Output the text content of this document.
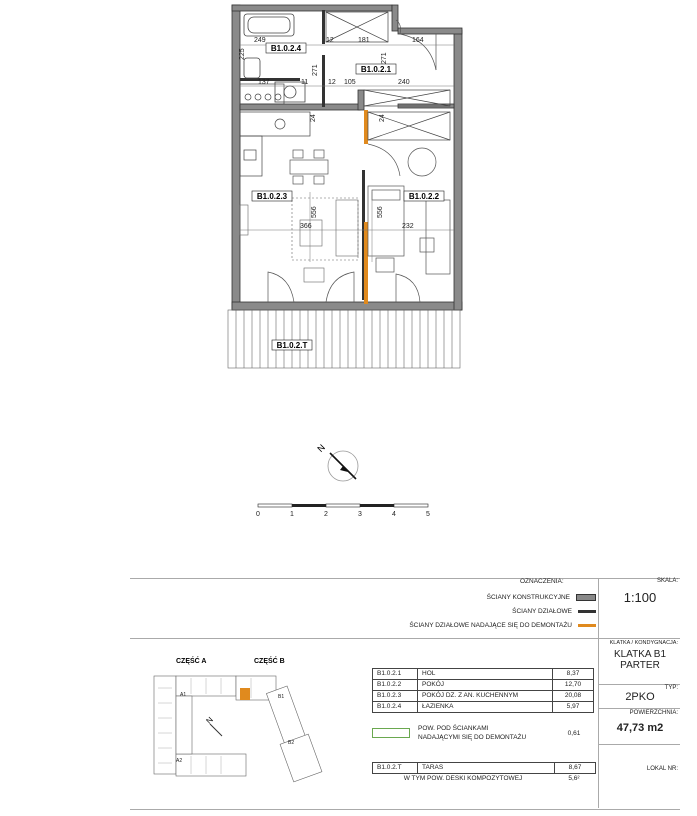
B1.0.2.4
B1.0.2.1
B1.0.2.3	B1.0.2.2
B1.0.2.T
249
225
12	181	164
271
137	11
271
12 105	240
24
556
366
556
232
24
N
0	1	2	3	4	5
OZNACZENIA:
ŚCIANY KONSTRUKCYJNE
ŚCIANY DZIAŁOWE
ŚCIANY DZIAŁOWE NADAJĄCE SIĘ DO DEMONTAŻU
CZĘŚĆ A	CZĘŚĆ B
N
A1	B1
A2
B2
B1.0.2.1	HOL	8,37
B1.0.2.2	POKÓJ	12,70
B1.0.2.3	POKÓJ DZ. Z AN. KUCHENNYM	20,08
B1.0.2.4	ŁAZIENKA	5,97
POW. POD ŚCIANKAMI
NADAJĄCYMI SIĘ DO DEMONTAŻU
0,61
B1.0.2.T	TARAS	8,67
W TYM POW. DESKI KOMPOZYTOWEJ	5,6²
SKALA:
1:100
KLATKA / KONDYGNACJA:
KLATKA B1
PARTER
TYP:
2PKO
POWIERZCHNIA:
47,73 m2
LOKAL NR:
